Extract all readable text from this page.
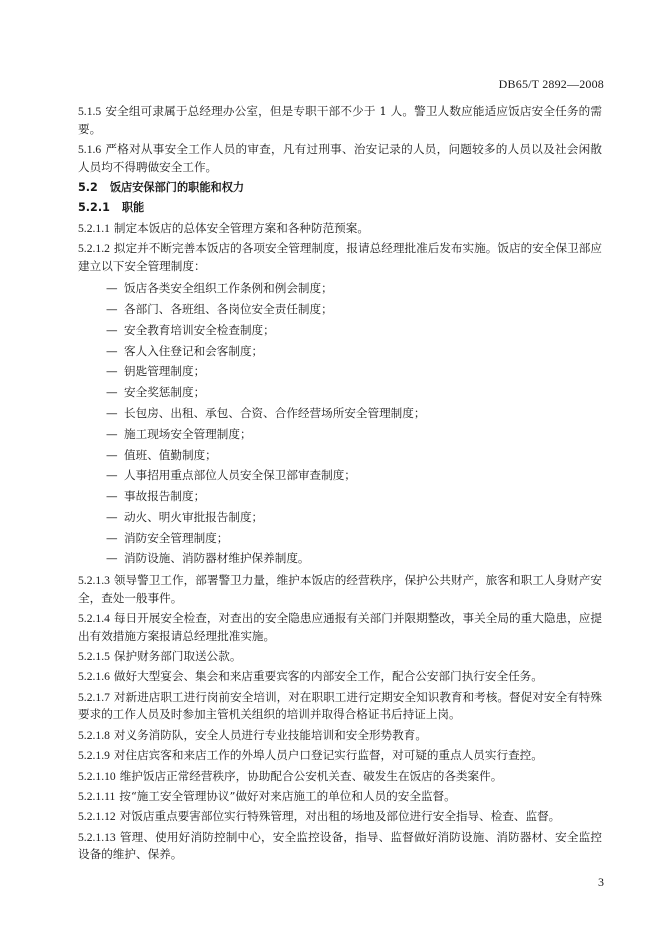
DB65/T 2892—2008

5.1.5 安全组可隶属于总经理办公室，但是专职干部不少于 1 人。警卫人数应能适应饭店安全任务的需要。

5.1.6 严格对从事安全工作人员的审查，凡有过刑事、治安记录的人员，问题较多的人员以及社会闲散人员均不得聘做安全工作。

5.2 饭店安保部门的职能和权力

5.2.1 职能

5.2.1.1 制定本饭店的总体安全管理方案和各种防范预案。

5.2.1.2 拟定并不断完善本饭店的各项安全管理制度，报请总经理批准后发布实施。饭店的安全保卫部应建立以下安全管理制度：

— 饭店各类安全组织工作条例和例会制度；
— 各部门、各班组、各岗位安全责任制度；
— 安全教育培训安全检查制度；
— 客人入住登记和会客制度；
— 钥匙管理制度；
— 安全奖惩制度；
— 长包房、出租、承包、合资、合作经营场所安全管理制度；
— 施工现场安全管理制度；
— 值班、值勤制度；
— 人事招用重点部位人员安全保卫部审查制度；
— 事故报告制度；
— 动火、明火审批报告制度；
— 消防安全管理制度；
— 消防设施、消防器材维护保养制度。

5.2.1.3 领导警卫工作，部署警卫力量，维护本饭店的经营秩序，保护公共财产，旅客和职工人身财产安全，查处一般事件。

5.2.1.4 每日开展安全检查，对查出的安全隐患应通报有关部门并限期整改，事关全局的重大隐患，应提出有效措施方案报请总经理批准实施。

5.2.1.5 保护财务部门取送公款。

5.2.1.6 做好大型宴会、集会和来店重要宾客的内部安全工作，配合公安部门执行安全任务。

5.2.1.7 对新进店职工进行岗前安全培训，对在职职工进行定期安全知识教育和考核。督促对安全有特殊要求的工作人员及时参加主管机关组织的培训并取得合格证书后持证上岗。

5.2.1.8 对义务消防队，安全人员进行专业技能培训和安全形势教育。

5.2.1.9 对住店宾客和来店工作的外埠人员户口登记实行监督，对可疑的重点人员实行查控。

5.2.1.10 维护饭店正常经营秩序，协助配合公安机关查、破发生在饭店的各类案件。

5.2.1.11 按“施工安全管理协议”做好对来店施工的单位和人员的安全监督。

5.2.1.12 对饭店重点要害部位实行特殊管理，对出租的场地及部位进行安全指导、检查、监督。

5.2.1.13 管理、使用好消防控制中心，安全监控设备，指导、监督做好消防设施、消防器材、安全监控设备的维护、保养。

3
